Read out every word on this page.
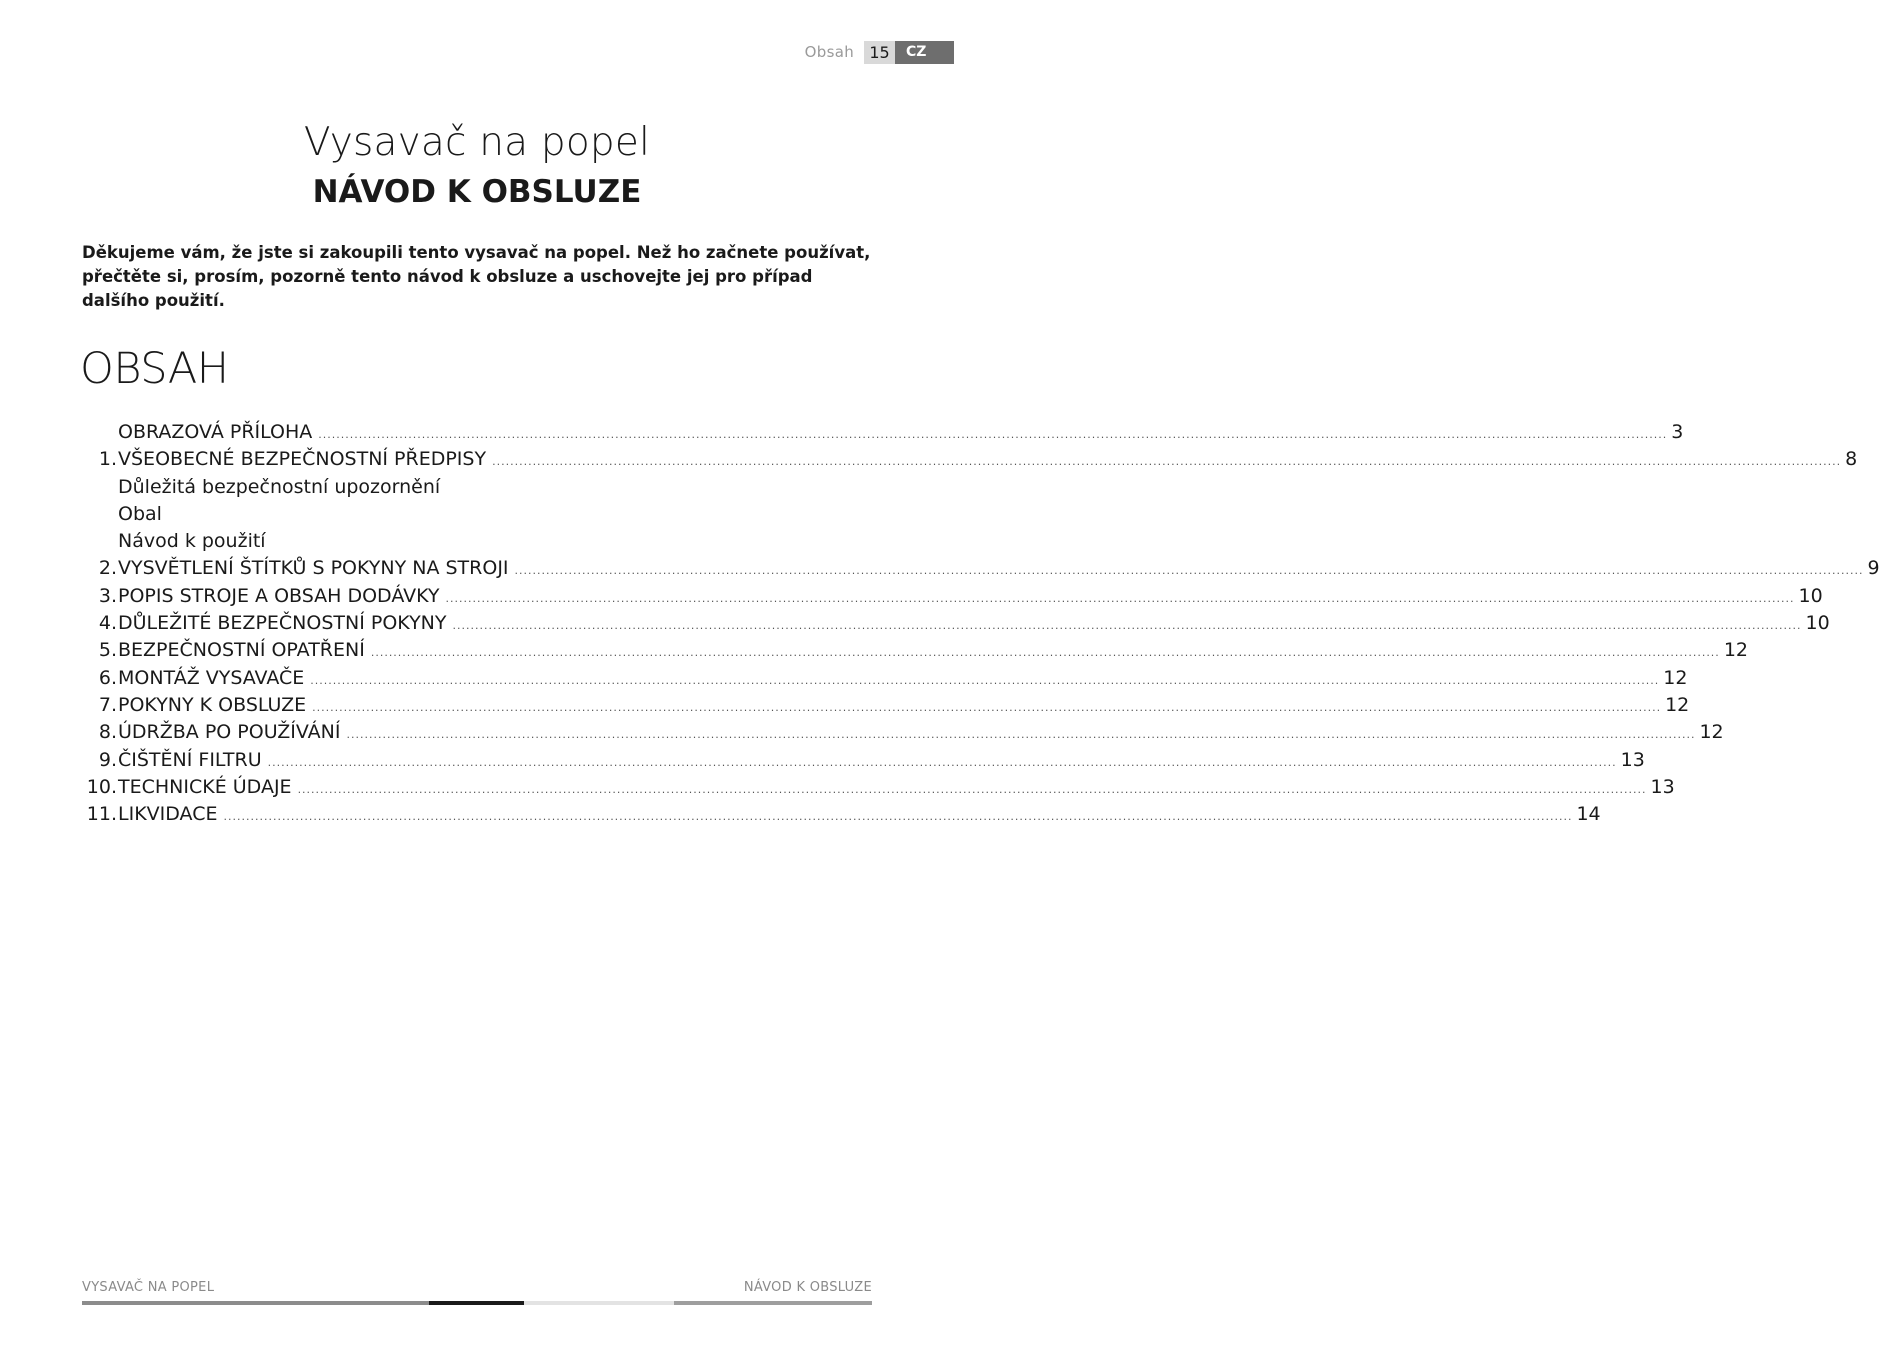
Obsah 15	CZ
Vysavač na popel
NÁVOD K OBSLUZE

Děkujeme vám, že jste si zakoupili tento vysavač na popel. Než ho začnete používat, přečtěte si, prosím, pozorně tento návod k obsluze a uschovejte jej pro případ dalšího použití.

OBSAH
OBRAZOVÁ PŘÍLOHA ............................................................................................................................................................................................................................................................................................................ 3
1. VŠEOBECNÉ BEZPEČNOSTNÍ PŘEDPISY ............................................................................................................................................................................................................................................................................................................ 8
Důležitá bezpečnostní upozornění
Obal
Návod k použití
2. VYSVĚTLENÍ ŠTÍTKŮ S POKYNY NA STROJI ............................................................................................................................................................................................................................................................................................................ 9
3. POPIS STROJE A OBSAH DODÁVKY ............................................................................................................................................................................................................................................................................................................ 10
4. DŮLEŽITÉ BEZPEČNOSTNÍ POKYNY ............................................................................................................................................................................................................................................................................................................ 10
5. BEZPEČNOSTNÍ OPATŘENÍ ............................................................................................................................................................................................................................................................................................................ 12
6. MONTÁŽ VYSAVAČE ............................................................................................................................................................................................................................................................................................................ 12
7. POKYNY K OBSLUZE ............................................................................................................................................................................................................................................................................................................ 12
8. ÚDRŽBA PO POUŽÍVÁNÍ ............................................................................................................................................................................................................................................................................................................ 12
9. ČIŠTĚNÍ FILTRU ............................................................................................................................................................................................................................................................................................................ 13
10. TECHNICKÉ ÚDAJE ............................................................................................................................................................................................................................................................................................................ 13
11. LIKVIDACE ............................................................................................................................................................................................................................................................................................................ 14
VYSAVAČ NA POPEL	NÁVOD K OBSLUZE
